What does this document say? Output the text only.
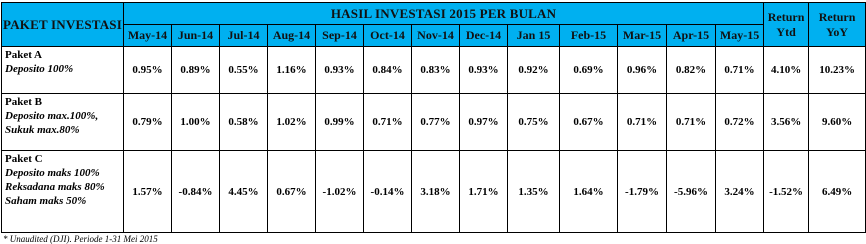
PAKET INVESTASI	HASIL INVESTASI 2015 PER BULAN													Return
Ytd	Return
YoY
	May-14	Jun-14	Jul-14	Aug-14	Sep-14	Oct-14	Nov-14	Dec-14	Jan 15	Feb-15	Mar-15	Apr-15	May-15		

Paket A
Deposito 100%	0.95%	0.89%	0.55%	1.16%	0.93%	0.84%	0.83%	0.93%	0.92%	0.69%	0.96%	0.82%	0.71%	4.10%	10.23%

Paket B
Deposito max.100%,
Sukuk max.80%	0.79%	1.00%	0.58%	1.02%	0.99%	0.71%	0.77%	0.97%	0.75%	0.67%	0.71%	0.71%	0.72%	3.56%	9.60%

Paket C
Deposito maks 100%
Reksadana maks 80%
Saham maks 50%	1.57%	-0.84%	4.45%	0.67%	-1.02%	-0.14%	3.18%	1.71%	1.35%	1.64%	-1.79%	-5.96%	3.24%	-1.52%	6.49%
* Unaudited (DJI). Periode 1-31 Mei 2015
